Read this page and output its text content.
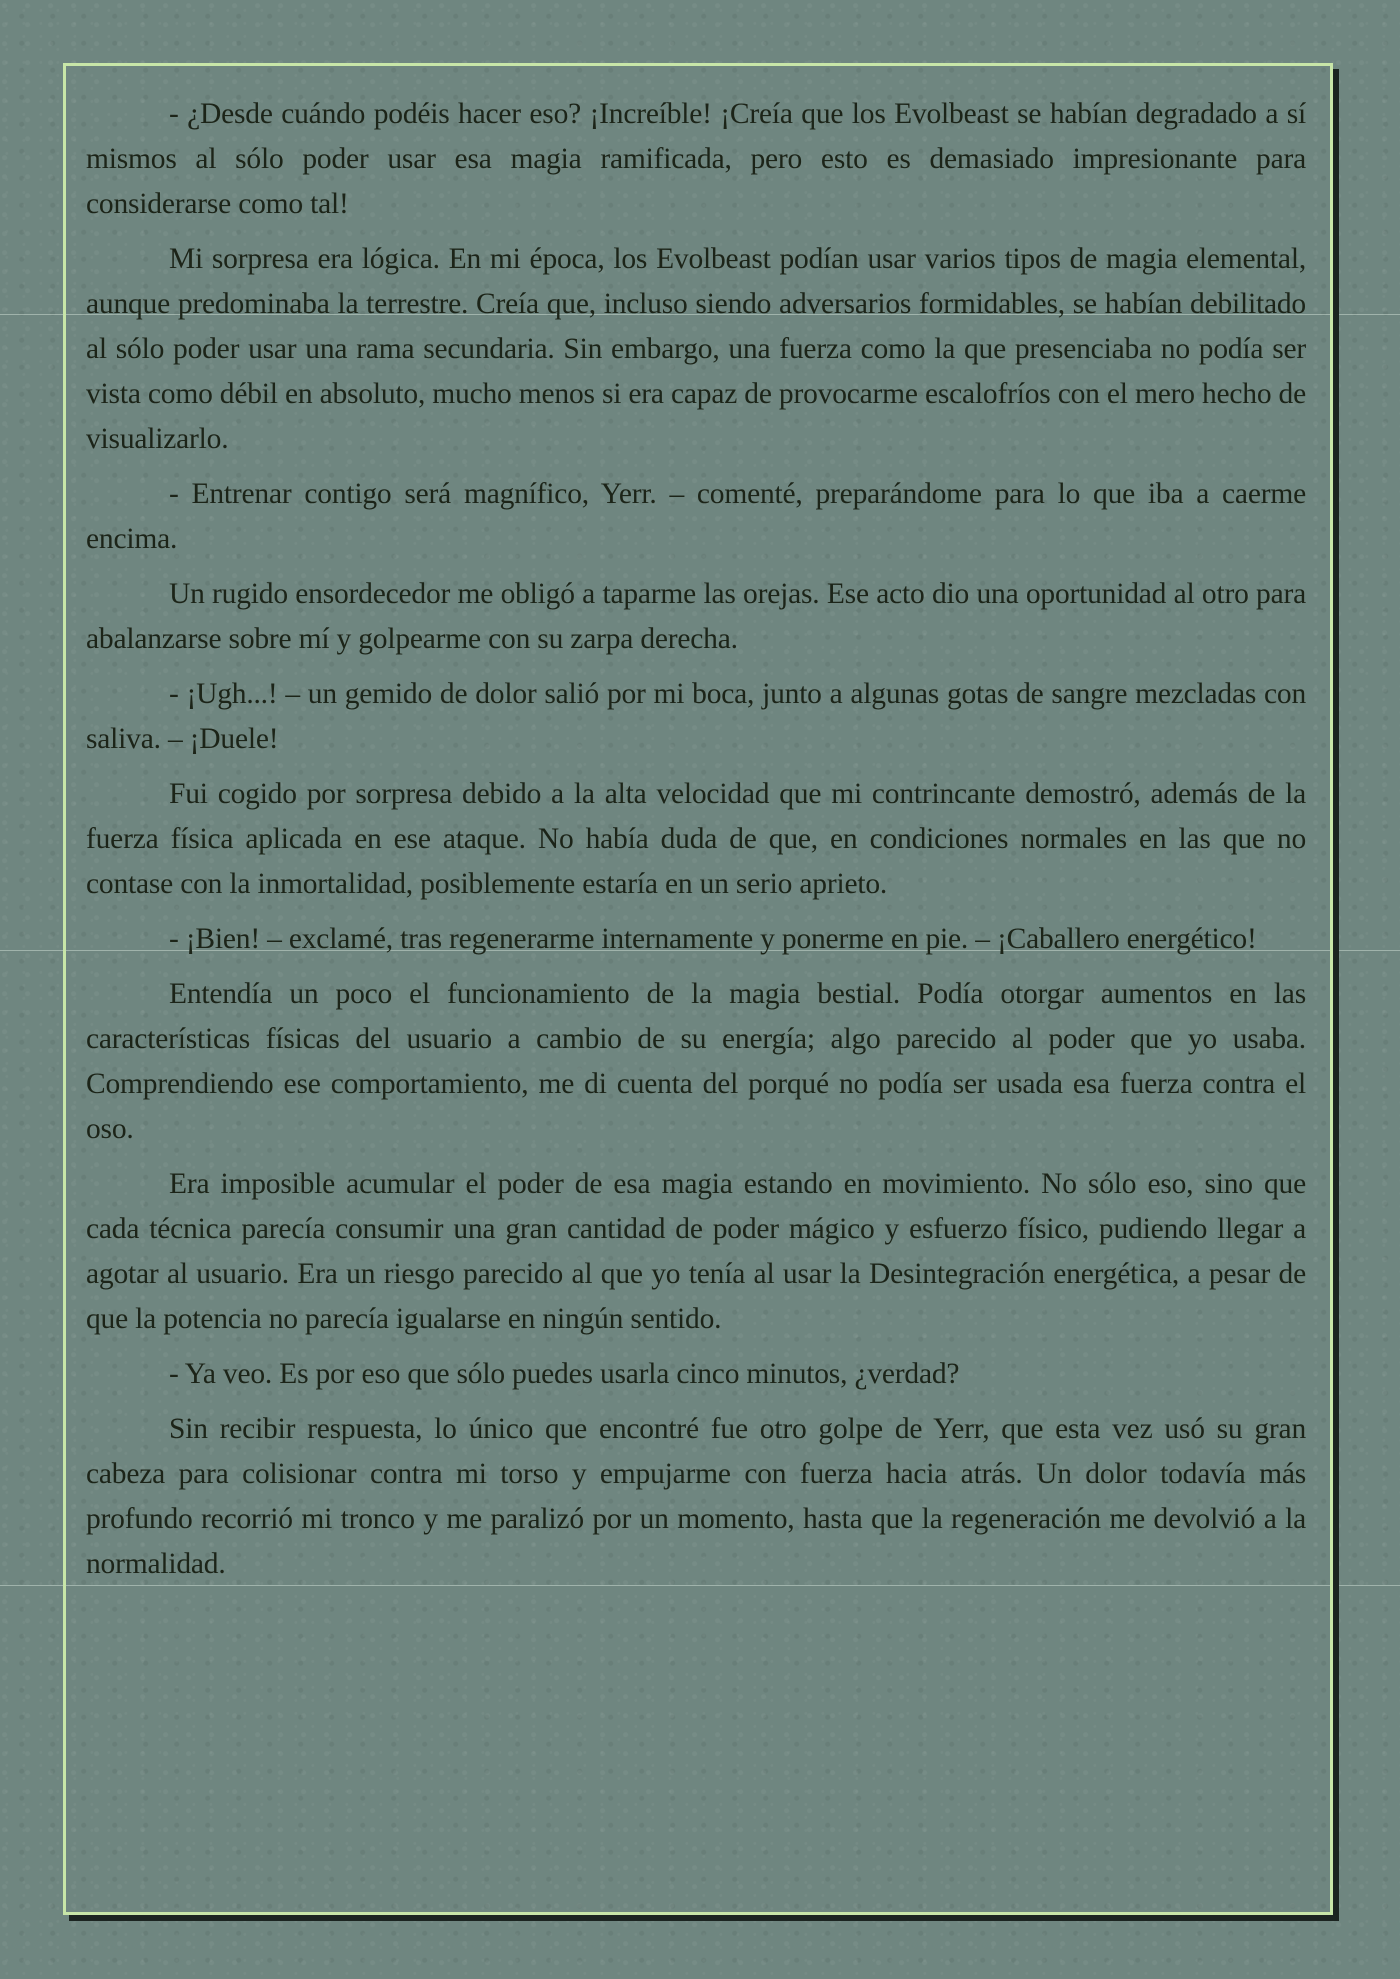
- ¿Desde cuándo podéis hacer eso? ¡Increíble! ¡Creía que los Evolbeast se habían degradado a sí mismos al sólo poder usar esa magia ramificada, pero esto es demasiado impresionante para considerarse como tal!

Mi sorpresa era lógica. En mi época, los Evolbeast podían usar varios tipos de magia elemental, aunque predominaba la terrestre. Creía que, incluso siendo adversarios formidables, se habían debilitado al sólo poder usar una rama secundaria. Sin embargo, una fuerza como la que presenciaba no podía ser vista como débil en absoluto, mucho menos si era capaz de provocarme escalofríos con el mero hecho de visualizarlo.

- Entrenar contigo será magnífico, Yerr. – comenté, preparándome para lo que iba a caerme encima.

Un rugido ensordecedor me obligó a taparme las orejas. Ese acto dio una oportunidad al otro para abalanzarse sobre mí y golpearme con su zarpa derecha.

- ¡Ugh...! – un gemido de dolor salió por mi boca, junto a algunas gotas de sangre mezcladas con saliva. – ¡Duele!

Fui cogido por sorpresa debido a la alta velocidad que mi contrincante demostró, además de la fuerza física aplicada en ese ataque. No había duda de que, en condiciones normales en las que no contase con la inmortalidad, posiblemente estaría en un serio aprieto.

- ¡Bien! – exclamé, tras regenerarme internamente y ponerme en pie. – ¡Caballero energético!

Entendía un poco el funcionamiento de la magia bestial. Podía otorgar aumentos en las características físicas del usuario a cambio de su energía; algo parecido al poder que yo usaba. Comprendiendo ese comportamiento, me di cuenta del porqué no podía ser usada esa fuerza contra el oso.

Era imposible acumular el poder de esa magia estando en movimiento. No sólo eso, sino que cada técnica parecía consumir una gran cantidad de poder mágico y esfuerzo físico, pudiendo llegar a agotar al usuario. Era un riesgo parecido al que yo tenía al usar la Desintegración energética, a pesar de que la potencia no parecía igualarse en ningún sentido.

- Ya veo. Es por eso que sólo puedes usarla cinco minutos, ¿verdad?

Sin recibir respuesta, lo único que encontré fue otro golpe de Yerr, que esta vez usó su gran cabeza para colisionar contra mi torso y empujarme con fuerza hacia atrás. Un dolor todavía más profundo recorrió mi tronco y me paralizó por un momento, hasta que la regeneración me devolvió a la normalidad.
